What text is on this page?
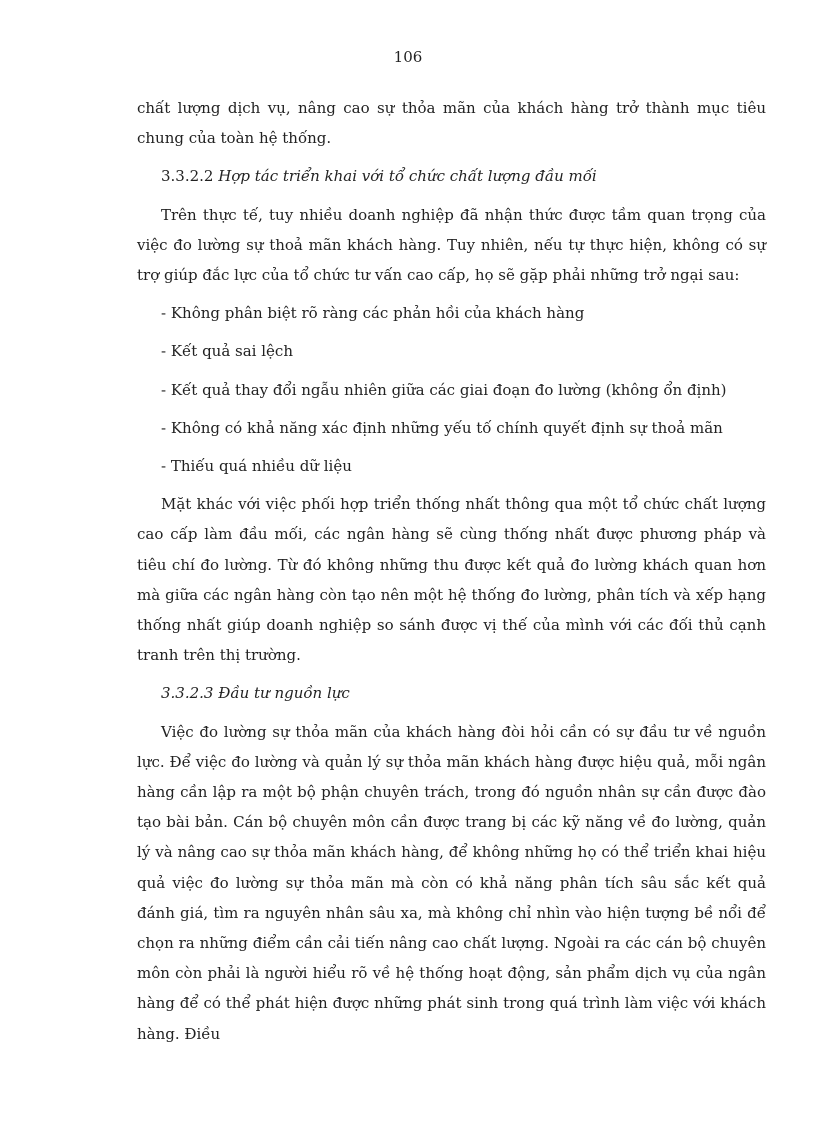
106

chất lượng dịch vụ, nâng cao sự thỏa mãn của khách hàng trở thành mục tiêu chung của toàn hệ thống.

3.3.2.2 Hợp tác triển khai với tổ chức chất lượng đầu mối

Trên thực tế, tuy nhiều doanh nghiệp đã nhận thức được tầm quan trọng của việc đo lường sự thoả mãn khách hàng. Tuy nhiên, nếu tự thực hiện, không có sự trợ giúp đắc lực của tổ chức tư vấn cao cấp, họ sẽ gặp phải những trở ngại sau:

- Không phân biệt rõ ràng các phản hồi của khách hàng

- Kết quả sai lệch

- Kết quả thay đổi ngẫu nhiên giữa các giai đoạn đo lường (không ổn định)

- Không có khả năng xác định những yếu tố chính quyết định sự thoả mãn

- Thiếu quá nhiều dữ liệu

Mặt khác với việc phối hợp triển thống nhất thông qua một tổ chức chất lượng cao cấp làm đầu mối, các ngân hàng sẽ cùng thống nhất được phương pháp và tiêu chí đo lường. Từ đó không những thu được kết quả đo lường khách quan hơn mà giữa các ngân hàng còn tạo nên một hệ thống đo lường, phân tích và xếp hạng thống nhất giúp doanh nghiệp so sánh được vị thế của mình với các đối thủ cạnh tranh trên thị trường.

3.3.2.3 Đầu tư nguồn lực

Việc đo lường sự thỏa mãn của khách hàng đòi hỏi cần có sự đầu tư về nguồn lực. Để việc đo lường và quản lý sự thỏa mãn khách hàng được hiệu quả, mỗi ngân hàng cần lập ra một bộ phận chuyên trách, trong đó nguồn nhân sự cần được đào tạo bài bản. Cán bộ chuyên môn cần được trang bị các kỹ năng về đo lường, quản lý và nâng cao sự thỏa mãn khách hàng, để không những họ có thể triển khai hiệu quả việc đo lường sự thỏa mãn mà còn có khả năng phân tích sâu sắc kết quả đánh giá, tìm ra nguyên nhân sâu xa, mà không chỉ nhìn vào hiện tượng bề nổi để chọn ra những điểm cần cải tiến nâng cao chất lượng. Ngoài ra các cán bộ chuyên môn còn phải là người hiểu rõ về hệ thống hoạt động, sản phẩm dịch vụ của ngân hàng để có thể phát hiện được những phát sinh trong quá trình làm việc với khách hàng. Điều
